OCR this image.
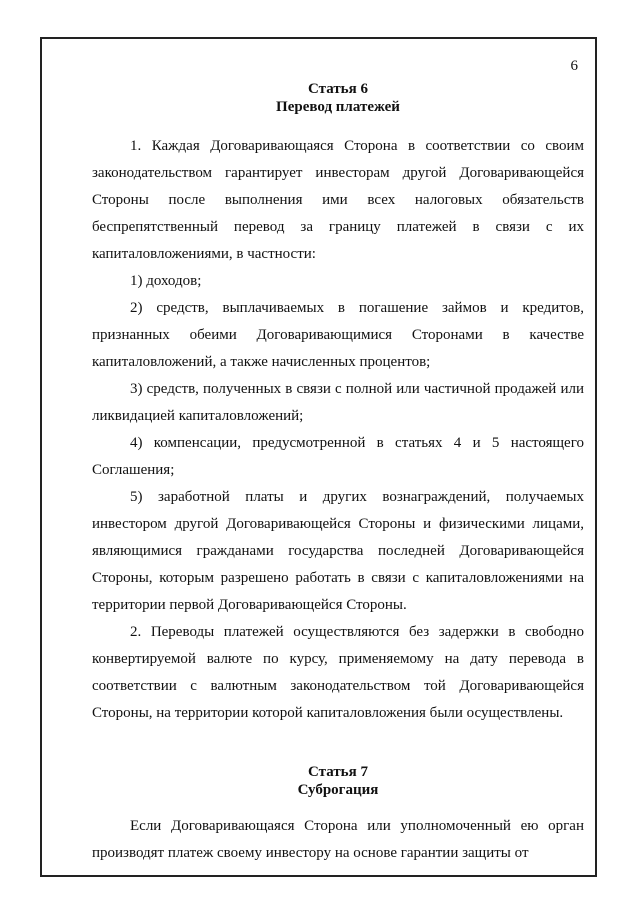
6
Статья 6
Перевод платежей

1. Каждая Договаривающаяся Сторона в соответствии со своим законодательством гарантирует инвесторам другой Договаривающейся Стороны после выполнения ими всех налоговых обязательств беспрепятственный перевод за границу платежей в связи с их капиталовложениями, в частности:

1) доходов;

2) средств, выплачиваемых в погашение займов и кредитов, признанных обеими Договаривающимися Сторонами в качестве капиталовложений, а также начисленных процентов;

3) средств, полученных в связи с полной или частичной продажей или ликвидацией капиталовложений;

4) компенсации, предусмотренной в статьях 4 и 5 настоящего Соглашения;

5) заработной платы и других вознаграждений, получаемых инвестором другой Договаривающейся Стороны и физическими лицами, являющимися гражданами государства последней Договаривающейся Стороны, которым разрешено работать в связи с капиталовложениями на территории первой Договаривающейся Стороны.

2. Переводы платежей осуществляются без задержки в свободно конвертируемой валюте по курсу, применяемому на дату перевода в соответствии с валютным законодательством той Договаривающейся Стороны, на территории которой капиталовложения были осуществлены.

Статья 7
Суброгация

Если Договаривающаяся Сторона или уполномоченный ею орган производят платеж своему инвестору на основе гарантии защиты от
